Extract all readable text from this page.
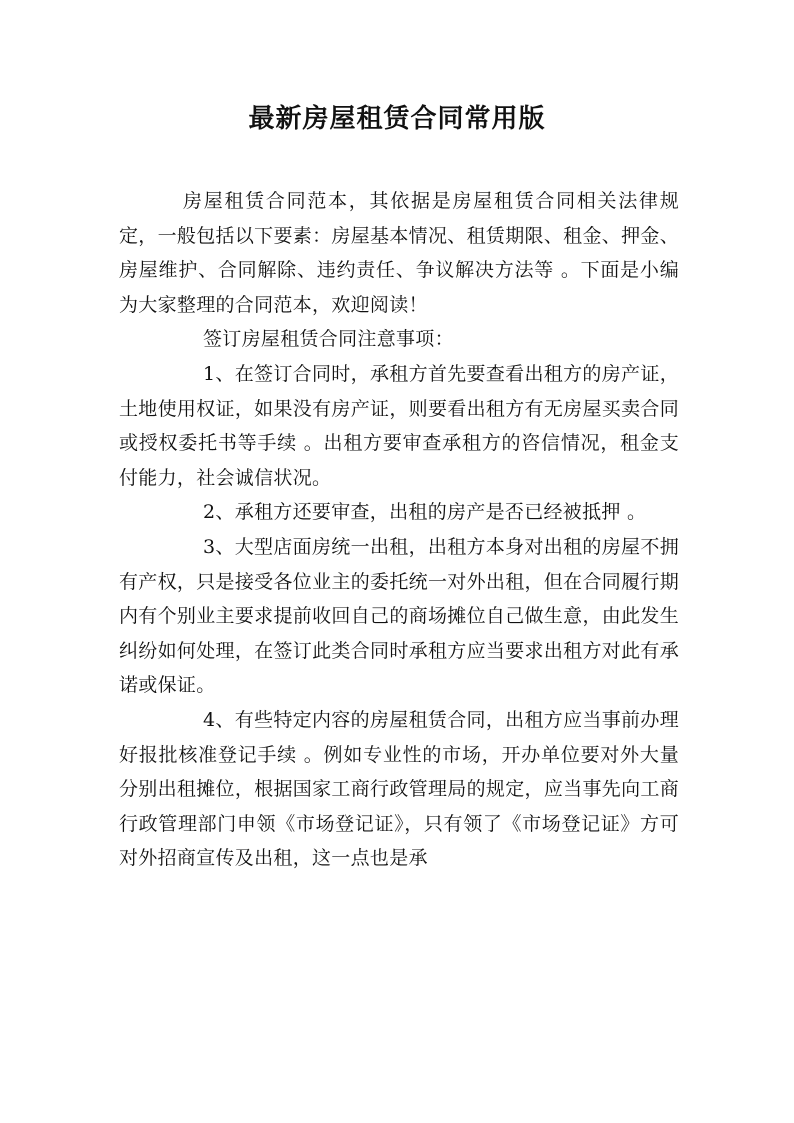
最新房屋租赁合同常用版

房屋租赁合同范本，其依据是房屋租赁合同相关法律规定，一般包括以下要素：房屋基本情况、租赁期限、租金、押金、房屋维护、合同解除、违约责任、争议解决方法等 。下面是小编为大家整理的合同范本，欢迎阅读！

签订房屋租赁合同注意事项：

1、在签订合同时，承租方首先要查看出租方的房产证，土地使用权证，如果没有房产证，则要看出租方有无房屋买卖合同或授权委托书等手续 。出租方要审查承租方的咨信情况，租金支付能力，社会诚信状况。

2、承租方还要审查，出租的房产是否已经被抵押 。

3、大型店面房统一出租，出租方本身对出租的房屋不拥有产权，只是接受各位业主的委托统一对外出租，但在合同履行期内有个别业主要求提前收回自己的商场摊位自己做生意，由此发生纠纷如何处理，在签订此类合同时承租方应当要求出租方对此有承诺或保证。

4、有些特定内容的房屋租赁合同，出租方应当事前办理好报批核准登记手续 。例如专业性的市场，开办单位要对外大量分别出租摊位，根据国家工商行政管理局的规定，应当事先向工商行政管理部门申领《市场登记证》，只有领了《市场登记证》方可对外招商宣传及出租，这一点也是承
